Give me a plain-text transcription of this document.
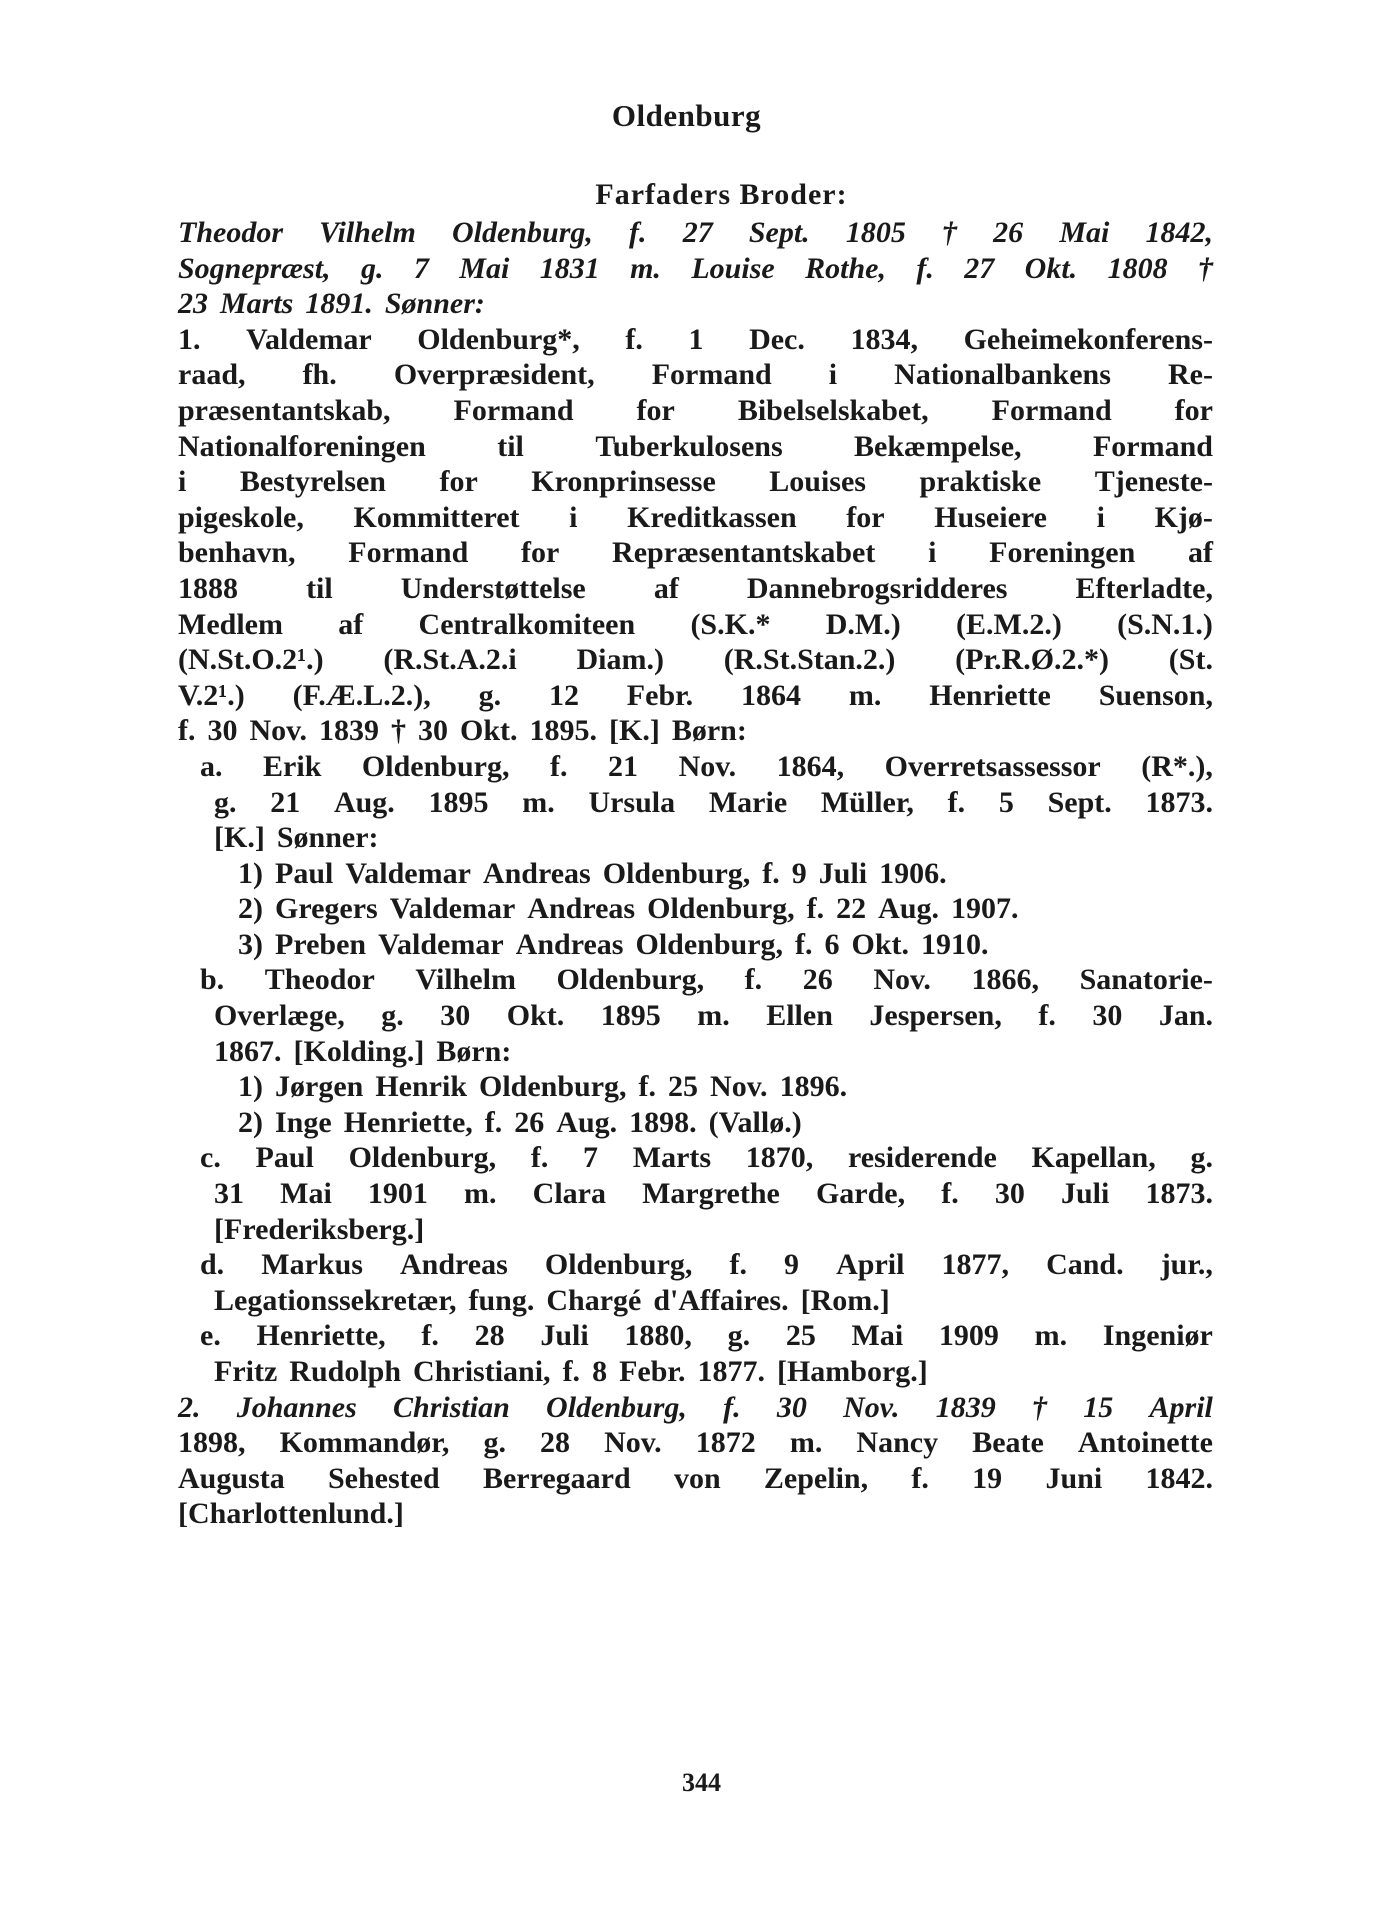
Oldenburg
Farfaders Broder:
Theodor Vilhelm Oldenburg, f. 27 Sept. 1805 † 26 Mai 1842,
Sognepræst, g. 7 Mai 1831 m. Louise Rothe, f. 27 Okt. 1808 †
23 Marts 1891. Sønner:
1. Valdemar Oldenburg*, f. 1 Dec. 1834, Geheimekonferens-
raad, fh. Overpræsident, Formand i Nationalbankens Re-
præsentantskab, Formand for Bibelselskabet, Formand for
Nationalforeningen til Tuberkulosens Bekæmpelse, Formand
i Bestyrelsen for Kronprinsesse Louises praktiske Tjeneste-
pigeskole, Kommitteret i Kreditkassen for Huseiere i Kjø-
benhavn, Formand for Repræsentantskabet i Foreningen af
1888 til Understøttelse af Dannebrogsridderes Efterladte,
Medlem af Centralkomiteen (S.K.* D.M.) (E.M.2.) (S.N.1.)
(N.St.O.2¹.) (R.St.A.2.i Diam.) (R.St.Stan.2.) (Pr.R.Ø.2.*) (St.
V.2¹.) (F.Æ.L.2.), g. 12 Febr. 1864 m. Henriette Suenson,
f. 30 Nov. 1839 † 30 Okt. 1895. [K.] Børn:
a. Erik Oldenburg, f. 21 Nov. 1864, Overretsassessor (R*.),
g. 21 Aug. 1895 m. Ursula Marie Müller, f. 5 Sept. 1873.
[K.] Sønner:
1) Paul Valdemar Andreas Oldenburg, f. 9 Juli 1906.
2) Gregers Valdemar Andreas Oldenburg, f. 22 Aug. 1907.
3) Preben Valdemar Andreas Oldenburg, f. 6 Okt. 1910.
b. Theodor Vilhelm Oldenburg, f. 26 Nov. 1866, Sanatorie-
Overlæge, g. 30 Okt. 1895 m. Ellen Jespersen, f. 30 Jan.
1867. [Kolding.] Børn:
1) Jørgen Henrik Oldenburg, f. 25 Nov. 1896.
2) Inge Henriette, f. 26 Aug. 1898. (Vallø.)
c. Paul Oldenburg, f. 7 Marts 1870, residerende Kapellan, g.
31 Mai 1901 m. Clara Margrethe Garde, f. 30 Juli 1873.
[Frederiksberg.]
d. Markus Andreas Oldenburg, f. 9 April 1877, Cand. jur.,
Legationssekretær, fung. Chargé d'Affaires. [Rom.]
e. Henriette, f. 28 Juli 1880, g. 25 Mai 1909 m. Ingeniør
Fritz Rudolph Christiani, f. 8 Febr. 1877. [Hamborg.]
2. Johannes Christian Oldenburg, f. 30 Nov. 1839 † 15 April
1898, Kommandør, g. 28 Nov. 1872 m. Nancy Beate Antoinette
Augusta Sehested Berregaard von Zepelin, f. 19 Juni 1842.
[Charlottenlund.]
344
